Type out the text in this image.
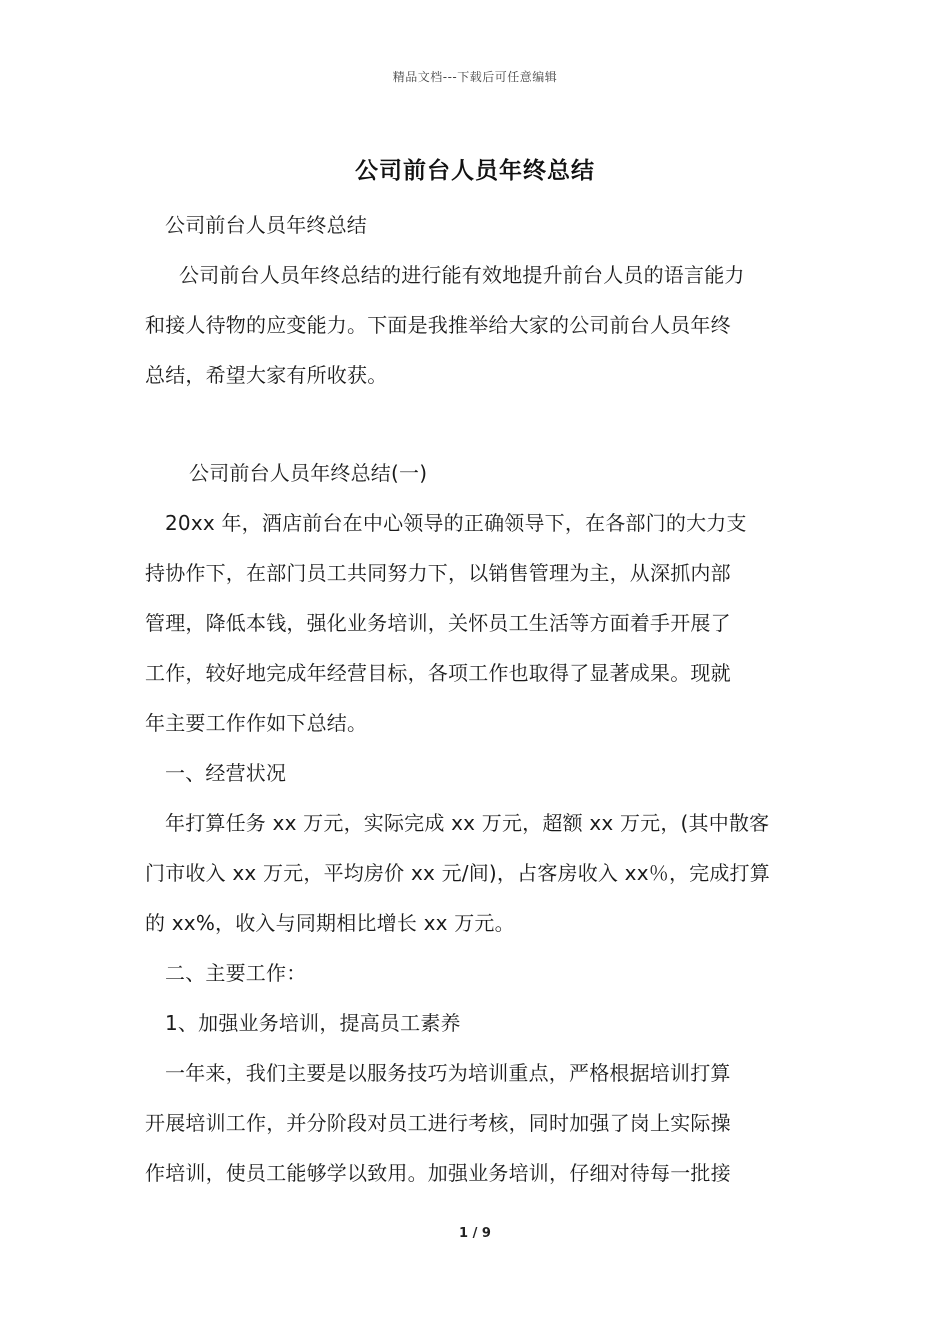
精品文档---下载后可任意编辑
公司前台人员年终总结
公司前台人员年终总结
公司前台人员年终总结的进行能有效地提升前台人员的语言能力
和接人待物的应变能力。下面是我推举给大家的公司前台人员年终
总结，希望大家有所收获。
公司前台人员年终总结(一)
20xx 年，酒店前台在中心领导的正确领导下，在各部门的大力支
持协作下，在部门员工共同努力下，以销售管理为主，从深抓内部
管理，降低本钱，强化业务培训，关怀员工生活等方面着手开展了
工作，较好地完成年经营目标，各项工作也取得了显著成果。现就
年主要工作作如下总结。
一、经营状况
年打算任务 xx 万元，实际完成 xx 万元，超额 xx 万元，(其中散客
门市收入 xx 万元，平均房价 xx 元/间)，占客房收入 xx％，完成打算
的 xx%，收入与同期相比增长 xx 万元。
二、主要工作：
1、加强业务培训，提高员工素养
一年来，我们主要是以服务技巧为培训重点，严格根据培训打算
开展培训工作，并分阶段对员工进行考核，同时加强了岗上实际操
作培训，使员工能够学以致用。加强业务培训，仔细对待每一批接
1 / 9
